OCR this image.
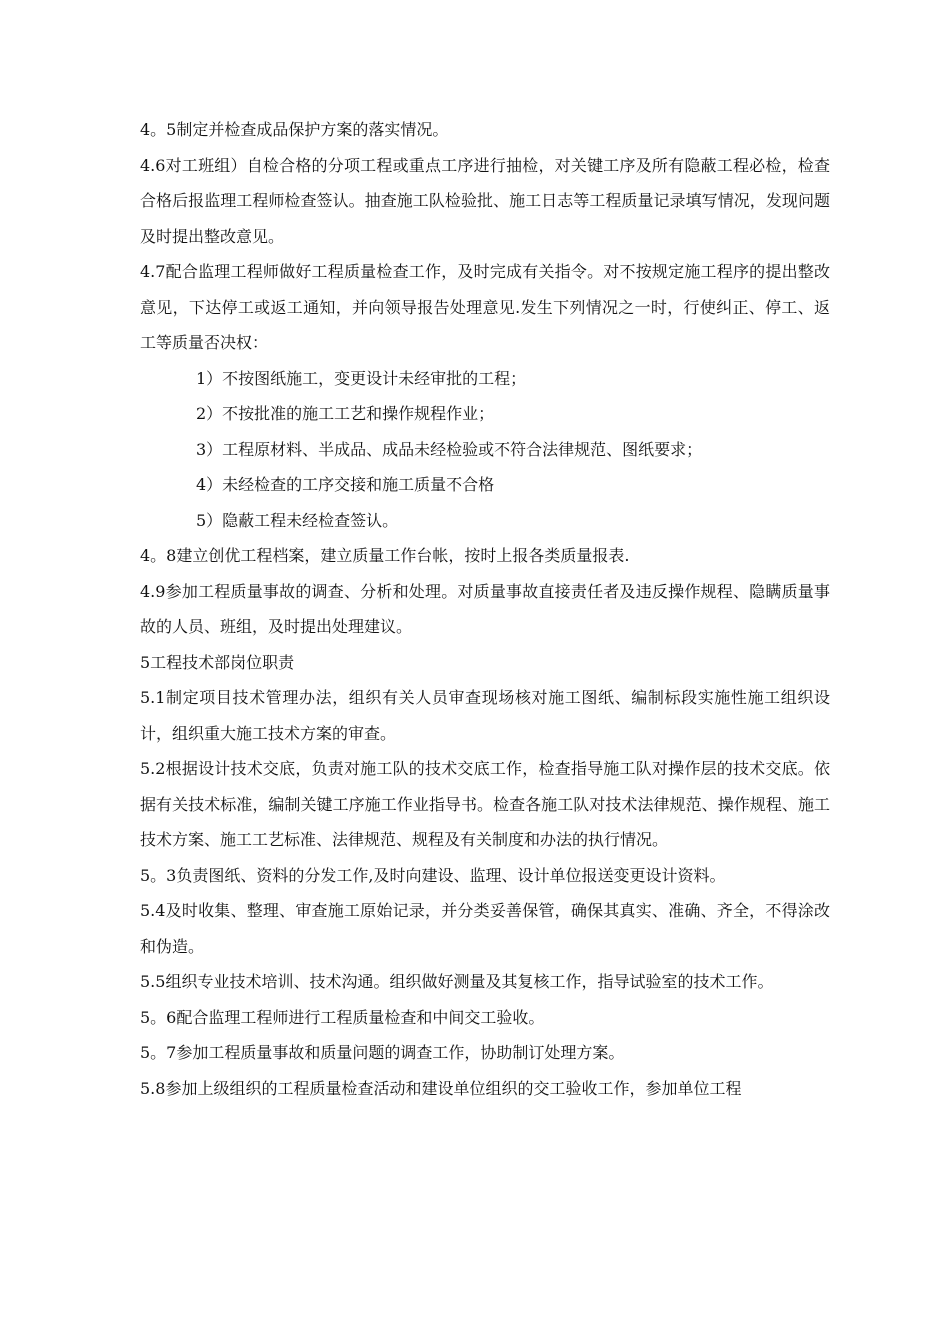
4。5制定并检查成品保护方案的落实情况。

4.6对工班组）自检合格的分项工程或重点工序进行抽检，对关键工序及所有隐蔽工程必检，检查合格后报监理工程师检查签认。抽查施工队检验批、施工日志等工程质量记录填写情况，发现问题及时提出整改意见。

4.7配合监理工程师做好工程质量检查工作，及时完成有关指令。对不按规定施工程序的提出整改意见，下达停工或返工通知，并向领导报告处理意见.发生下列情况之一时，行使纠正、停工、返工等质量否决权：

1）不按图纸施工，变更设计未经审批的工程；

2）不按批准的施工工艺和操作规程作业；

3）工程原材料、半成品、成品未经检验或不符合法律规范、图纸要求；

4）未经检查的工序交接和施工质量不合格

5）隐蔽工程未经检查签认。

4。8建立创优工程档案，建立质量工作台帐，按时上报各类质量报表.

4.9参加工程质量事故的调查、分析和处理。对质量事故直接责任者及违反操作规程、隐瞒质量事故的人员、班组，及时提出处理建议。

5工程技术部岗位职责

5.1制定项目技术管理办法，组织有关人员审查现场核对施工图纸、编制标段实施性施工组织设计，组织重大施工技术方案的审查。

5.2根据设计技术交底，负责对施工队的技术交底工作，检查指导施工队对操作层的技术交底。依据有关技术标准，编制关键工序施工作业指导书。检查各施工队对技术法律规范、操作规程、施工技术方案、施工工艺标准、法律规范、规程及有关制度和办法的执行情况。

5。3负责图纸、资料的分发工作,及时向建设、监理、设计单位报送变更设计资料。

5.4及时收集、整理、审查施工原始记录，并分类妥善保管，确保其真实、准确、齐全，不得涂改和伪造。

5.5组织专业技术培训、技术沟通。组织做好测量及其复核工作，指导试验室的技术工作。

5。6配合监理工程师进行工程质量检查和中间交工验收。

5。7参加工程质量事故和质量问题的调查工作，协助制订处理方案。

5.8参加上级组织的工程质量检查活动和建设单位组织的交工验收工作，参加单位工程
